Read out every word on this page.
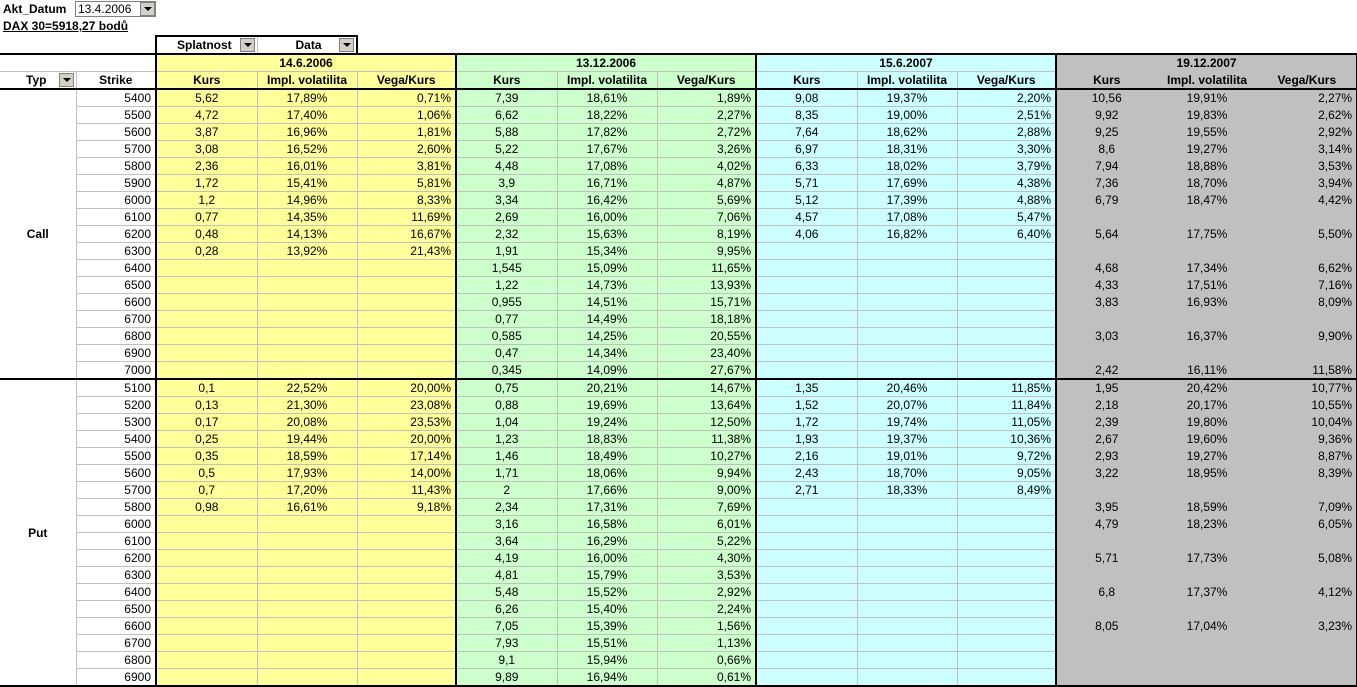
Akt_Datum 13.4.2006
DAX 30=5918,27 bodů
		Splatnost	Data									

		14.6.2006			13.12.2006			15.6.2007			19.12.2007		
Typ	Strike	Kurs	Impl. volatilita	Vega/Kurs	Kurs	Impl. volatilita	Vega/Kurs	Kurs	Impl. volatilita	Vega/Kurs	Kurs	Impl. volatilita	Vega/Kurs
Call	5400	5,62	17,89%	0,71%	7,39	18,61%	1,89%	9,08	19,37%	2,20%	10,56	19,91%	2,27%
	5500	4,72	17,40%	1,06%	6,62	18,22%	2,27%	8,35	19,00%	2,51%	9,92	19,83%	2,62%
	5600	3,87	16,96%	1,81%	5,88	17,82%	2,72%	7,64	18,62%	2,88%	9,25	19,55%	2,92%
	5700	3,08	16,52%	2,60%	5,22	17,67%	3,26%	6,97	18,31%	3,30%	8,6	19,27%	3,14%
	5800	2,36	16,01%	3,81%	4,48	17,08%	4,02%	6,33	18,02%	3,79%	7,94	18,88%	3,53%
	5900	1,72	15,41%	5,81%	3,9	16,71%	4,87%	5,71	17,69%	4,38%	7,36	18,70%	3,94%
	6000	1,2	14,96%	8,33%	3,34	16,42%	5,69%	5,12	17,39%	4,88%	6,79	18,47%	4,42%
	6100	0,77	14,35%	11,69%	2,69	16,00%	7,06%	4,57	17,08%	5,47%			
	6200	0,48	14,13%	16,67%	2,32	15,63%	8,19%	4,06	16,82%	6,40%	5,64	17,75%	5,50%
	6300	0,28	13,92%	21,43%	1,91	15,34%	9,95%						
	6400				1,545	15,09%	11,65%				4,68	17,34%	6,62%
	6500				1,22	14,73%	13,93%				4,33	17,51%	7,16%
	6600				0,955	14,51%	15,71%				3,83	16,93%	8,09%
	6700				0,77	14,49%	18,18%						
	6800				0,585	14,25%	20,55%				3,03	16,37%	9,90%
	6900				0,47	14,34%	23,40%						
	7000				0,345	14,09%	27,67%				2,42	16,11%	11,58%
Put	5100	0,1	22,52%	20,00%	0,75	20,21%	14,67%	1,35	20,46%	11,85%	1,95	20,42%	10,77%
	5200	0,13	21,30%	23,08%	0,88	19,69%	13,64%	1,52	20,07%	11,84%	2,18	20,17%	10,55%
	5300	0,17	20,08%	23,53%	1,04	19,24%	12,50%	1,72	19,74%	11,05%	2,39	19,80%	10,04%
	5400	0,25	19,44%	20,00%	1,23	18,83%	11,38%	1,93	19,37%	10,36%	2,67	19,60%	9,36%
	5500	0,35	18,59%	17,14%	1,46	18,49%	10,27%	2,16	19,01%	9,72%	2,93	19,27%	8,87%
	5600	0,5	17,93%	14,00%	1,71	18,06%	9,94%	2,43	18,70%	9,05%	3,22	18,95%	8,39%
	5700	0,7	17,20%	11,43%	2	17,66%	9,00%	2,71	18,33%	8,49%			
	5800	0,98	16,61%	9,18%	2,34	17,31%	7,69%				3,95	18,59%	7,09%
	6000				3,16	16,58%	6,01%				4,79	18,23%	6,05%
	6100				3,64	16,29%	5,22%						
	6200				4,19	16,00%	4,30%				5,71	17,73%	5,08%
	6300				4,81	15,79%	3,53%						
	6400				5,48	15,52%	2,92%				6,8	17,37%	4,12%
	6500				6,26	15,40%	2,24%						
	6600				7,05	15,39%	1,56%				8,05	17,04%	3,23%
	6700				7,93	15,51%	1,13%						
	6800				9,1	15,94%	0,66%						
	6900				9,89	16,94%	0,61%						
